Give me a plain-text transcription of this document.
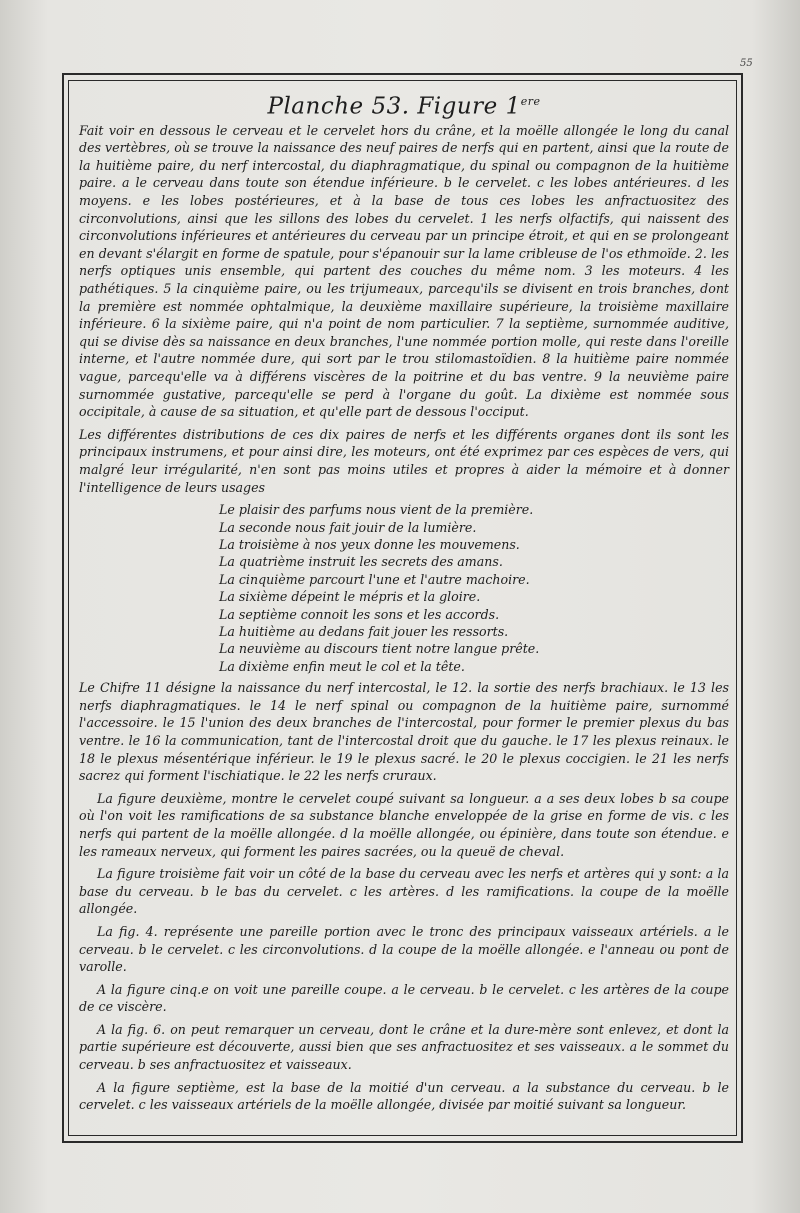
55
Planche 53. Figure 1ere

Fait voir en dessous le cerveau et le cervelet hors du crâne, et la moëlle allongée le long du canal des vertèbres, où se trouve la naissance des neuf paires de nerfs qui en partent, ainsi que la route de la huitième paire, du nerf intercostal, du diaphragmatique, du spinal ou compagnon de la huitième paire. a le cerveau dans toute son étendue inférieure. b le cervelet. c les lobes antérieures. d les moyens. e les lobes postérieures, et à la base de tous ces lobes les anfractuositez des circonvolutions, ainsi que les sillons des lobes du cervelet. 1 les nerfs olfactifs, qui naissent des circonvolutions inférieures et antérieures du cerveau par un principe étroit, et qui en se prolongeant en devant s'élargit en forme de spatule, pour s'épanouir sur la lame cribleuse de l'os ethmoïde. 2. les nerfs optiques unis ensemble, qui partent des couches du même nom. 3 les moteurs. 4 les pathétiques. 5 la cinquième paire, ou les trijumeaux, parcequ'ils se divisent en trois branches, dont la première est nommée ophtalmique, la deuxième maxillaire supérieure, la troisième maxillaire inférieure. 6 la sixième paire, qui n'a point de nom particulier. 7 la septième, surnommée auditive, qui se divise dès sa naissance en deux branches, l'une nommée portion molle, qui reste dans l'oreille interne, et l'autre nommée dure, qui sort par le trou stilomastoïdien. 8 la huitième paire nommée vague, parcequ'elle va à différens viscères de la poitrine et du bas ventre. 9 la neuvième paire surnommée gustative, parcequ'elle se perd à l'organe du goût. La dixième est nommée sous occipitale, à cause de sa situation, et qu'elle part de dessous l'occiput.

Les différentes distributions de ces dix paires de nerfs et les différents organes dont ils sont les principaux instrumens, et pour ainsi dire, les moteurs, ont été exprimez par ces espèces de vers, qui malgré leur irrégularité, n'en sont pas moins utiles et propres à aider la mémoire et à donner l'intelligence de leurs usages

Le plaisir des parfums nous vient de la première.
La seconde nous fait jouir de la lumière.
La troisième à nos yeux donne les mouvemens.
La quatrième instruit les secrets des amans.
La cinquième parcourt l'une et l'autre machoire.
La sixième dépeint le mépris et la gloire.
La septième connoit les sons et les accords.
La huitième au dedans fait jouer les ressorts.
La neuvième au discours tient notre langue prête.
La dixième enfin meut le col et la tête.

Le Chifre 11 désigne la naissance du nerf intercostal, le 12. la sortie des nerfs brachiaux. le 13 les nerfs diaphragmatiques. le 14 le nerf spinal ou compagnon de la huitième paire, surnommé l'accessoire. le 15 l'union des deux branches de l'intercostal, pour former le premier plexus du bas ventre. le 16 la communication, tant de l'intercostal droit que du gauche. le 17 les plexus reinaux. le 18 le plexus mésentérique inférieur. le 19 le plexus sacré. le 20 le plexus coccigien. le 21 les nerfs sacrez qui forment l'ischiatique. le 22 les nerfs cruraux.

La figure deuxième, montre le cervelet coupé suivant sa longueur. a a ses deux lobes b sa coupe où l'on voit les ramifications de sa substance blanche enveloppée de la grise en forme de vis. c les nerfs qui partent de la moëlle allongée. d la moëlle allongée, ou épinière, dans toute son étendue. e les rameaux nerveux, qui forment les paires sacrées, ou la queuë de cheval.

La figure troisième fait voir un côté de la base du cerveau avec les nerfs et artères qui y sont: a la base du cerveau. b le bas du cervelet. c les artères. d les ramifications. la coupe de la moëlle allongée.

La fig. 4. représente une pareille portion avec le tronc des principaux vaisseaux artériels. a le cerveau. b le cervelet. c les circonvolutions. d la coupe de la moëlle allongée. e l'anneau ou pont de varolle.

A la figure cinq.e on voit une pareille coupe. a le cerveau. b le cervelet. c les artères de la coupe de ce viscère.

A la fig. 6. on peut remarquer un cerveau, dont le crâne et la dure-mère sont enlevez, et dont la partie supérieure est découverte, aussi bien que ses anfractuositez et ses vaisseaux. a le sommet du cerveau. b ses anfractuositez et vaisseaux.

A la figure septième, est la base de la moitié d'un cerveau. a la substance du cerveau. b le cervelet. c les vaisseaux artériels de la moëlle allongée, divisée par moitié suivant sa longueur.
